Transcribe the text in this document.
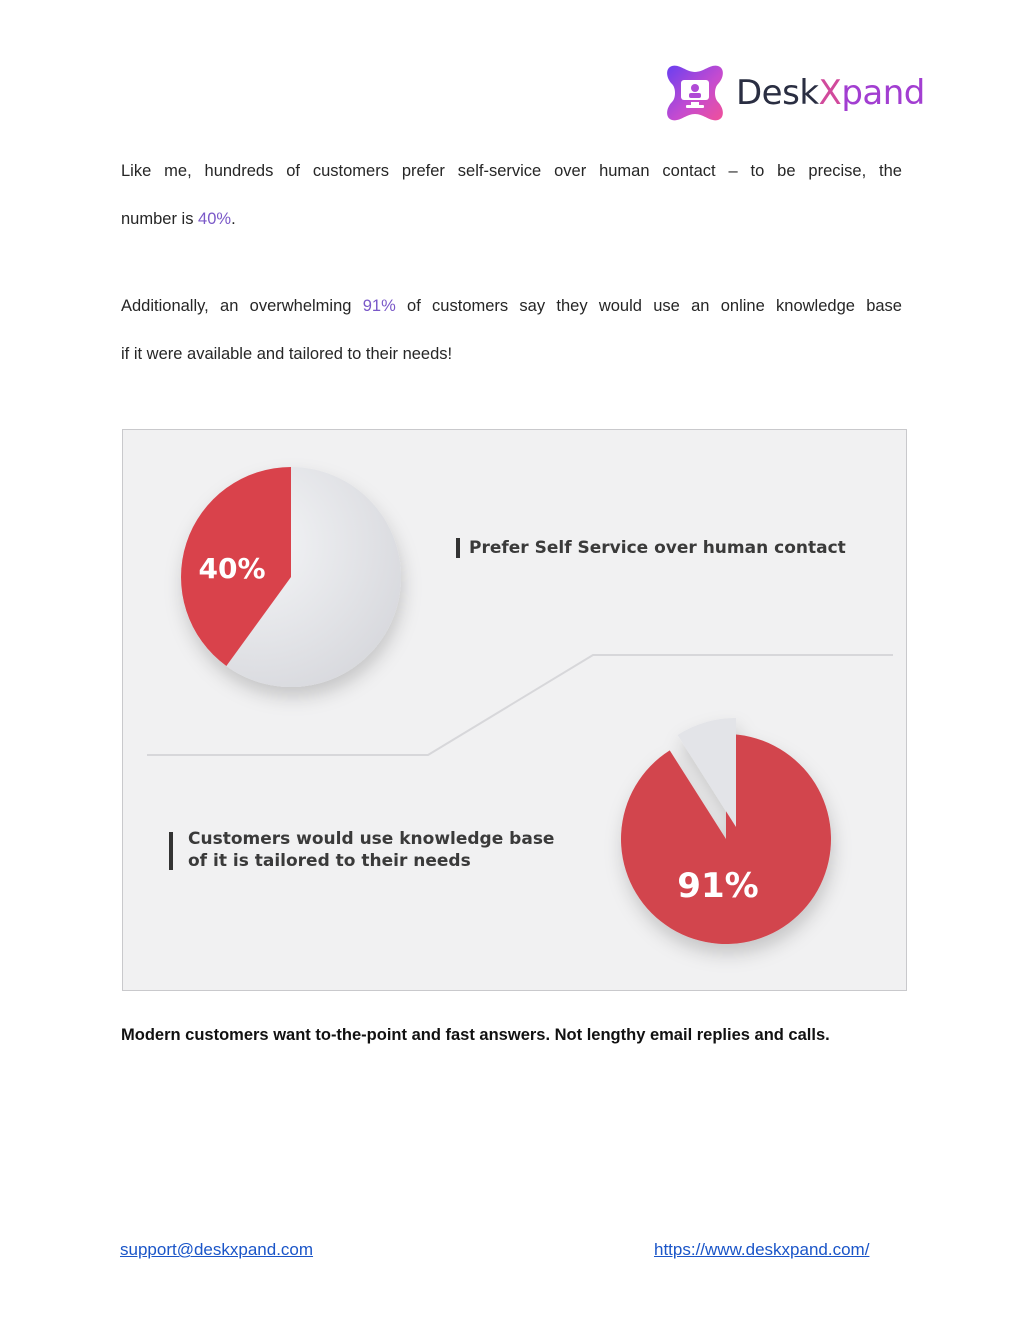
DeskXpand
Like me, hundreds of customers prefer self-service over human contact – to be precise, the
number is 40%.
Additionally, an overwhelming 91% of customers say they would use an online knowledge base
if it were available and tailored to their needs!
40%
91%
Prefer Self Service over human contact
Customers would use knowledge base
of it is tailored to their needs
Modern customers want to-the-point and fast answers. Not lengthy email replies and calls.
support@deskxpand.com	https://www.deskxpand.com/
